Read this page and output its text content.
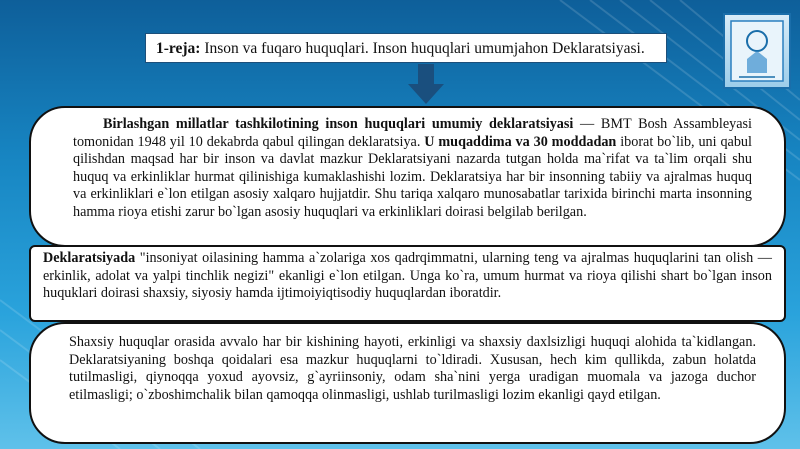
1-reja: Inson va fuqaro huquqlari. Inson huquqlari umumjahon Deklaratsiyasi.
Birlashgan millatlar tashkilotining inson huquqlari umumiy deklaratsiyasi — BMT Bosh Assambleyasi tomonidan 1948 yil 10 dekabrda qabul qilingan deklaratsiya. U muqaddima va 30 moddadan iborat bo`lib, uni qabul qilishdan maqsad har bir inson va davlat mazkur Deklaratsiyani nazarda tutgan holda ma`rifat va ta`lim orqali shu huquq va erkinliklar hurmat qilinishiga kumaklashishi lozim. Deklaratsiya har bir insonning tabiiy va ajralmas huquq va erkinliklari e`lon etilgan asosiy xalqaro hujjatdir. Shu tariqa xalqaro munosabatlar tarixida birinchi marta insonning hamma rioya etishi zarur bo`lgan asosiy huquqlari va erkinliklari doirasi belgilab berilgan.
Deklaratsiyada "insoniyat oilasining hamma a`zolariga xos qadrqimmatni, ularning teng va ajralmas huquqlarini tan olish — erkinlik, adolat va yalpi tinchlik negizi" ekanligi e`lon etilgan. Unga ko`ra, umum hurmat va rioya qilishi shart bo`lgan inson huquklari doirasi shaxsiy, siyosiy hamda ijtimoiyiqtisodiy huquqlardan iboratdir.
Shaxsiy huquqlar orasida avvalo har bir kishining hayoti, erkinligi va shaxsiy daxlsizligi huquqi alohida ta`kidlangan. Deklaratsiyaning boshqa qoidalari esa mazkur huquqlarni to`ldiradi. Xususan, hech kim qullikda, zabun holatda tutilmasligi, qiynoqqa yoxud ayovsiz, g`ayriinsoniy, odam sha`nini yerga uradigan muomala va jazoga duchor etilmasligi; o`zboshimchalik bilan qamoqqa olinmasligi, ushlab turilmasligi lozim ekanligi qayd etilgan.
